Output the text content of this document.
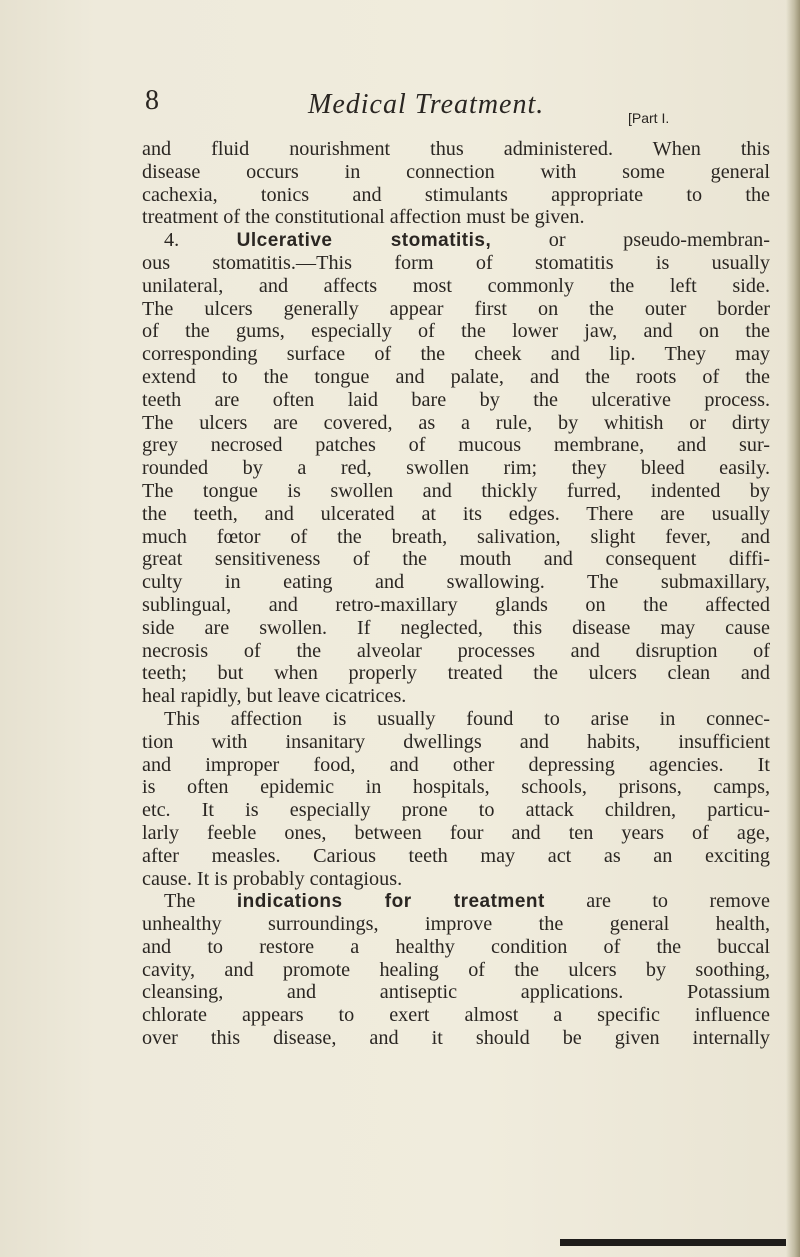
8	Medical Treatment.	[Part I.

and fluid nourishment thus administered. When this

disease occurs in connection with some general

cachexia, tonics and stimulants appropriate to the

treatment of the constitutional affection must be given.

4. Ulcerative stomatitis, or pseudo-membran-

ous stomatitis.—This form of stomatitis is usually

unilateral, and affects most commonly the left side.

The ulcers generally appear first on the outer border

of the gums, especially of the lower jaw, and on the

corresponding surface of the cheek and lip. They may

extend to the tongue and palate, and the roots of the

teeth are often laid bare by the ulcerative process.

The ulcers are covered, as a rule, by whitish or dirty

grey necrosed patches of mucous membrane, and sur-

rounded by a red, swollen rim; they bleed easily.

The tongue is swollen and thickly furred, indented by

the teeth, and ulcerated at its edges. There are usually

much fœtor of the breath, salivation, slight fever, and

great sensitiveness of the mouth and consequent diffi-

culty in eating and swallowing. The submaxillary,

sublingual, and retro-maxillary glands on the affected

side are swollen. If neglected, this disease may cause

necrosis of the alveolar processes and disruption of

teeth; but when properly treated the ulcers clean and

heal rapidly, but leave cicatrices.

This affection is usually found to arise in connec-

tion with insanitary dwellings and habits, insufficient

and improper food, and other depressing agencies. It

is often epidemic in hospitals, schools, prisons, camps,

etc. It is especially prone to attack children, particu-

larly feeble ones, between four and ten years of age,

after measles. Carious teeth may act as an exciting

cause. It is probably contagious.

The indications for treatment are to remove

unhealthy surroundings, improve the general health,

and to restore a healthy condition of the buccal

cavity, and promote healing of the ulcers by soothing,

cleansing, and antiseptic applications. Potassium

chlorate appears to exert almost a specific influence

over this disease, and it should be given internally
